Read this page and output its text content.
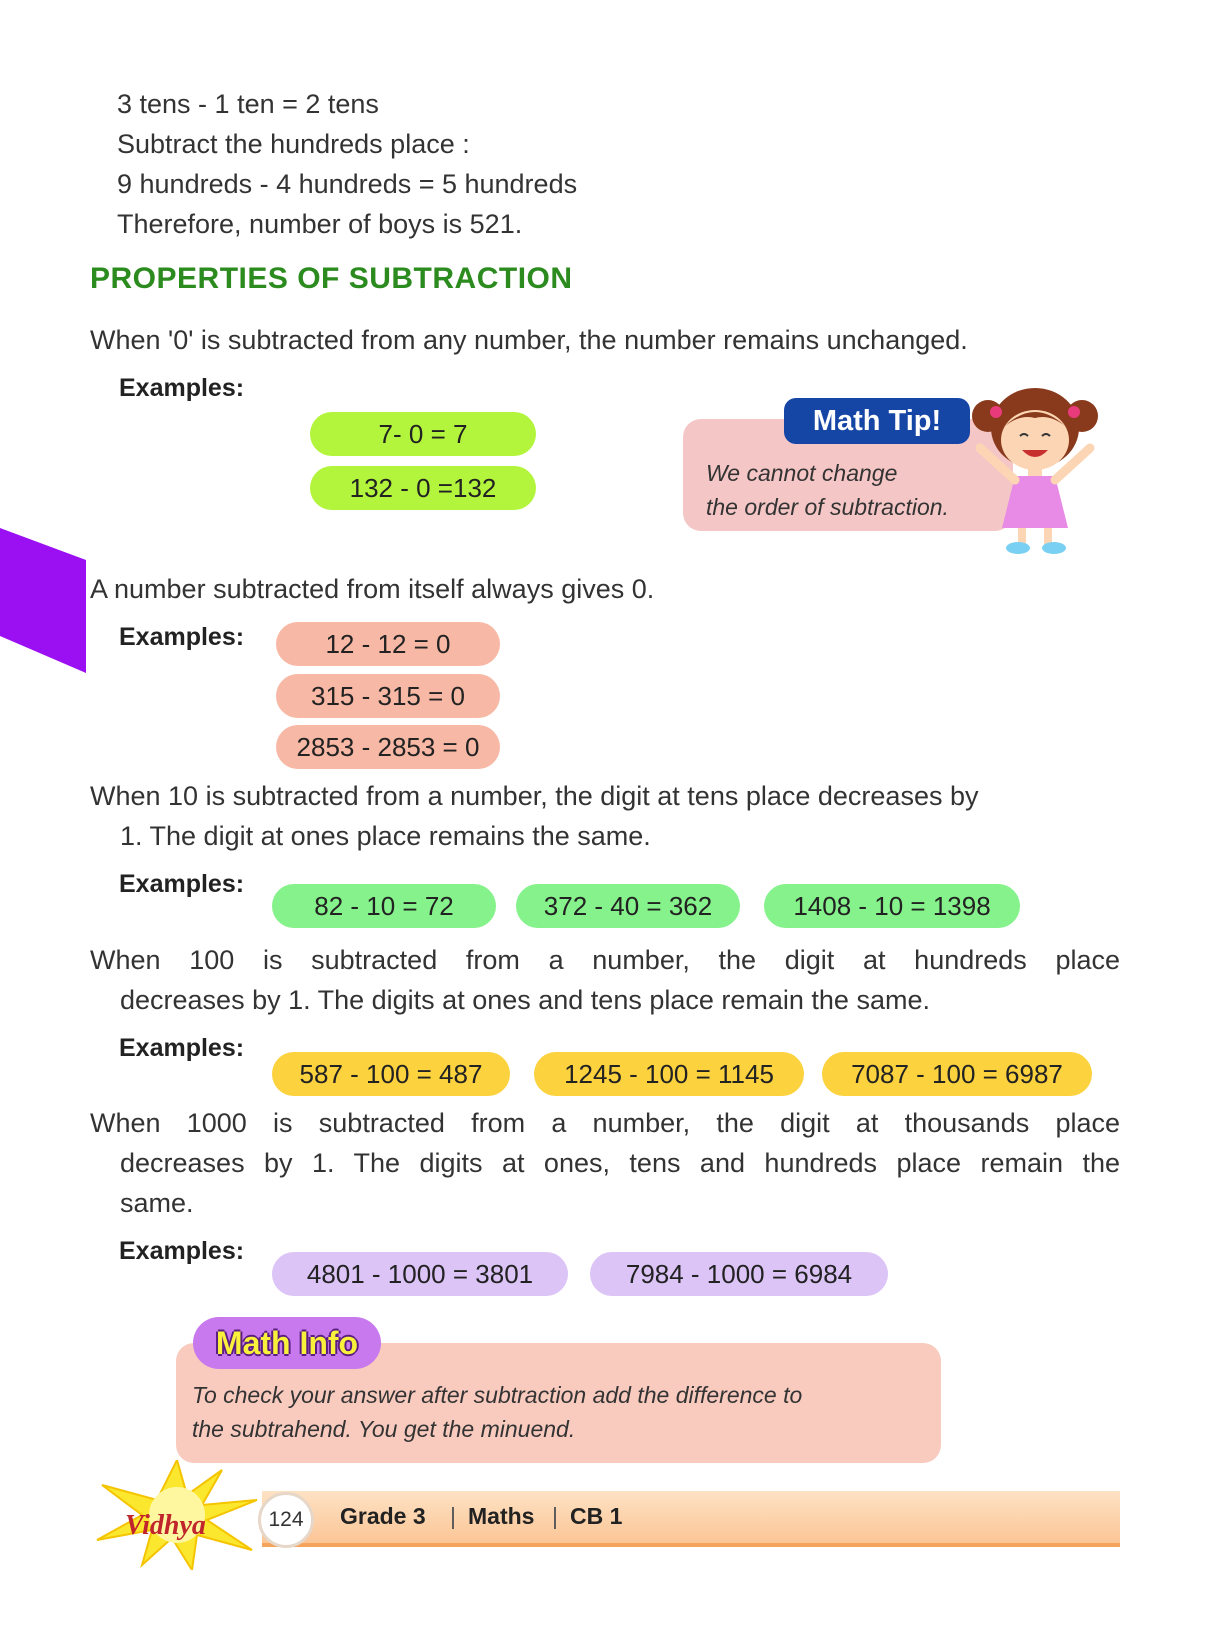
3 tens - 1 ten = 2 tens
Subtract the hundreds place :
9 hundreds - 4 hundreds = 5 hundreds
Therefore, number of boys is 521.
PROPERTIES OF SUBTRACTION
When '0' is subtracted from any number, the number remains unchanged.
Examples:
7- 0 = 7
132 - 0 =132
Math Tip!
We cannot change
the order of subtraction.
A number subtracted from itself always gives 0.
Examples:	12 - 12 = 0
315 - 315 = 0
2853 - 2853 = 0
When 10 is subtracted from a number, the digit at tens place decreases by
1. The digit at ones place remains the same.
Examples:
82 - 10 = 72	372 - 40 = 362	1408 - 10 = 1398
When 100 is subtracted from a number, the digit at hundreds place
decreases by 1. The digits at ones and tens place remain the same.
Examples:
587 - 100 = 487	1245 - 100 = 1145	7087 - 100 = 6987
When 1000 is subtracted from a number, the digit at thousands place
decreases by 1. The digits at ones, tens and hundreds place remain the
same.
Examples:
4801 - 1000 = 3801	7984 - 1000 = 6984
Math Info
To check your answer after subtraction add the difference to
the subtrahend. You get the minuend.
Vidhya	124	Grade 3 | Maths | CB 1
